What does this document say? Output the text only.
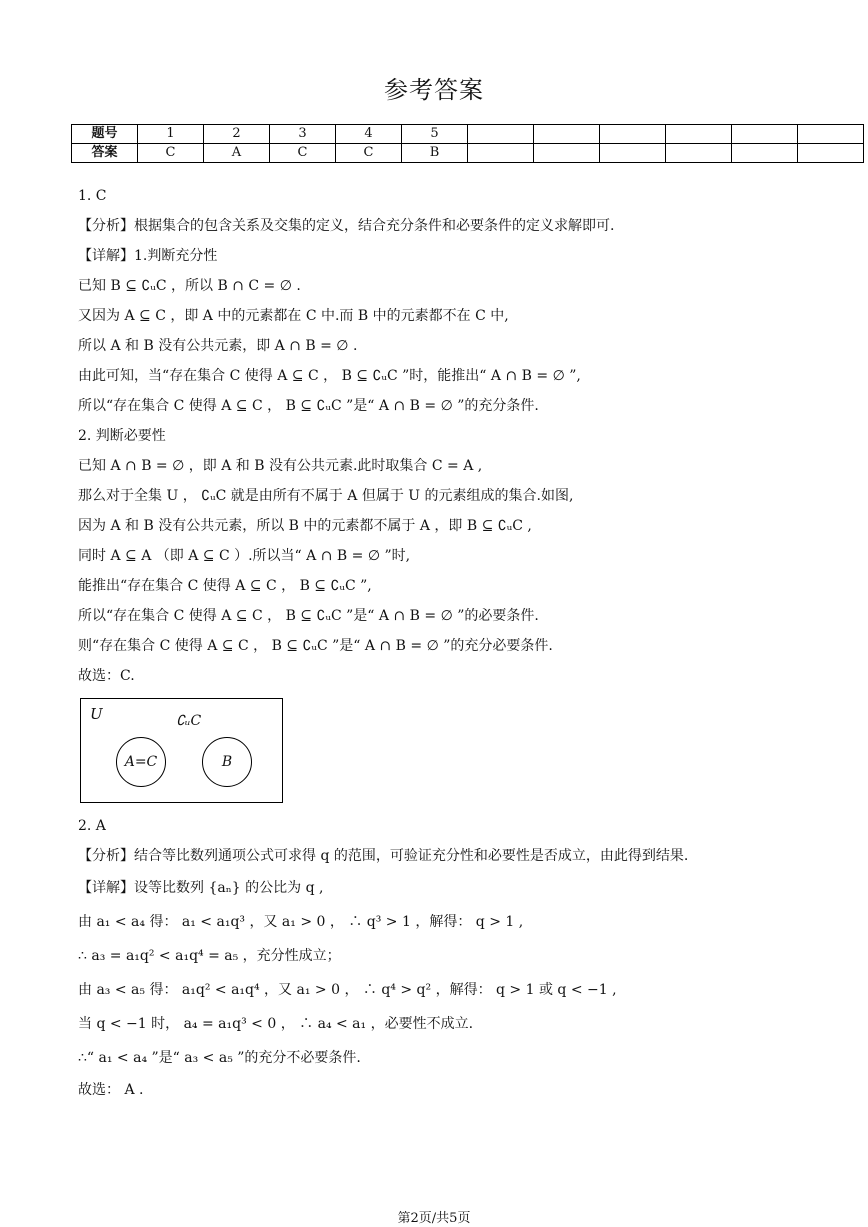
参考答案
题号	1	2	3	4	5						
答案	C	A	C	C	B						
1. C
【分析】根据集合的包含关系及交集的定义，结合充分条件和必要条件的定义求解即可.
【详解】1.判断充分性
已知 B ⊆ ∁ᵤC ，所以 B ∩ C = ∅ .
又因为 A ⊆ C ，即 A 中的元素都在 C 中.而 B 中的元素都不在 C 中,
所以 A 和 B 没有公共元素，即 A ∩ B = ∅ .
由此可知，当“存在集合 C 使得 A ⊆ C ， B ⊆ ∁ᵤC ”时，能推出“ A ∩ B = ∅ ”,
所以“存在集合 C 使得 A ⊆ C ， B ⊆ ∁ᵤC ”是“ A ∩ B = ∅ ”的充分条件.
2. 判断必要性
已知 A ∩ B = ∅ ，即 A 和 B 没有公共元素.此时取集合 C = A ,
那么对于全集 U ， ∁ᵤC 就是由所有不属于 A 但属于 U 的元素组成的集合.如图,
因为 A 和 B 没有公共元素，所以 B 中的元素都不属于 A ，即 B ⊆ ∁ᵤC ,
同时 A ⊆ A （即 A ⊆ C ）.所以当“ A ∩ B = ∅ ”时,
能推出“存在集合 C 使得 A ⊆ C ， B ⊆ ∁ᵤC ”,
所以“存在集合 C 使得 A ⊆ C ， B ⊆ ∁ᵤC ”是“ A ∩ B = ∅ ”的必要条件.
则“存在集合 C 使得 A ⊆ C ， B ⊆ ∁ᵤC ”是“ A ∩ B = ∅ ”的充分必要条件.
故选：C.
U	∁ᵤC
A=C	B
2. A
【分析】结合等比数列通项公式可求得 q 的范围，可验证充分性和必要性是否成立，由此得到结果.
【详解】设等比数列 {aₙ} 的公比为 q ,
由 a₁ < a₄ 得： a₁ < a₁q³ ，又 a₁ > 0 ， ∴ q³ > 1 ，解得： q > 1 ,
∴ a₃ = a₁q² < a₁q⁴ = a₅ ，充分性成立；
由 a₃ < a₅ 得： a₁q² < a₁q⁴ ，又 a₁ > 0 ， ∴ q⁴ > q² ，解得： q > 1 或 q < −1 ,
当 q < −1 时， a₄ = a₁q³ < 0 ， ∴ a₄ < a₁ ，必要性不成立.
∴“ a₁ < a₄ ”是“ a₃ < a₅ ”的充分不必要条件.
故选： A .
第2页/共5页
